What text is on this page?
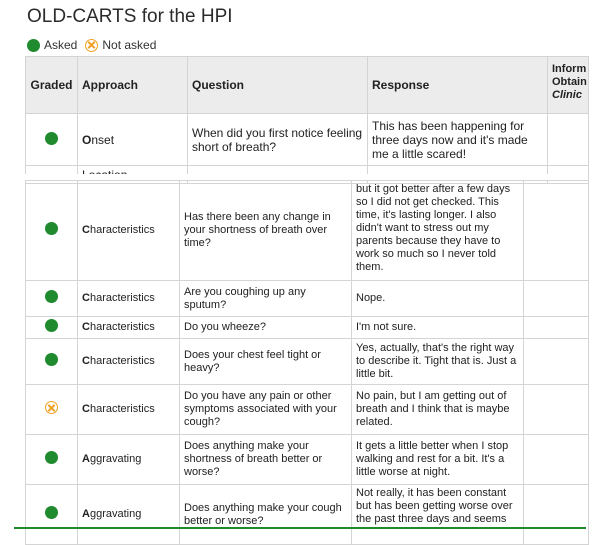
OLD-CARTS for the HPI
Asked Not asked
Graded	Approach	Question	Response	Inform
Obtain
Clinic
	Onset	When did you first notice feeling short of breath?	This has been happening for three days now and it's made me a little scared!	

	Characteristics	Has there been any change in your shortness of breath over time?	but it got better after a few days so I did not get checked. This time, it's lasting longer. I also didn't want to stress out my parents because they have to work so much so I never told them.	
	Characteristics	Are you coughing up any sputum?	Nope.	
	Characteristics	Do you wheeze?	I'm not sure.	
	Characteristics	Does your chest feel tight or heavy?	Yes, actually, that's the right way to describe it. Tight that is. Just a little bit.	
	Characteristics	Do you have any pain or other symptoms associated with your cough?	No pain, but I am getting out of breath and I think that is maybe related.	
	Aggravating	Does anything make your shortness of breath better or worse?	It gets a little better when I stop walking and rest for a bit. It's a little worse at night.	
	Aggravating	Does anything make your cough better or worse?	Not really, it has been constant but has been getting worse over the past three days and seems	
